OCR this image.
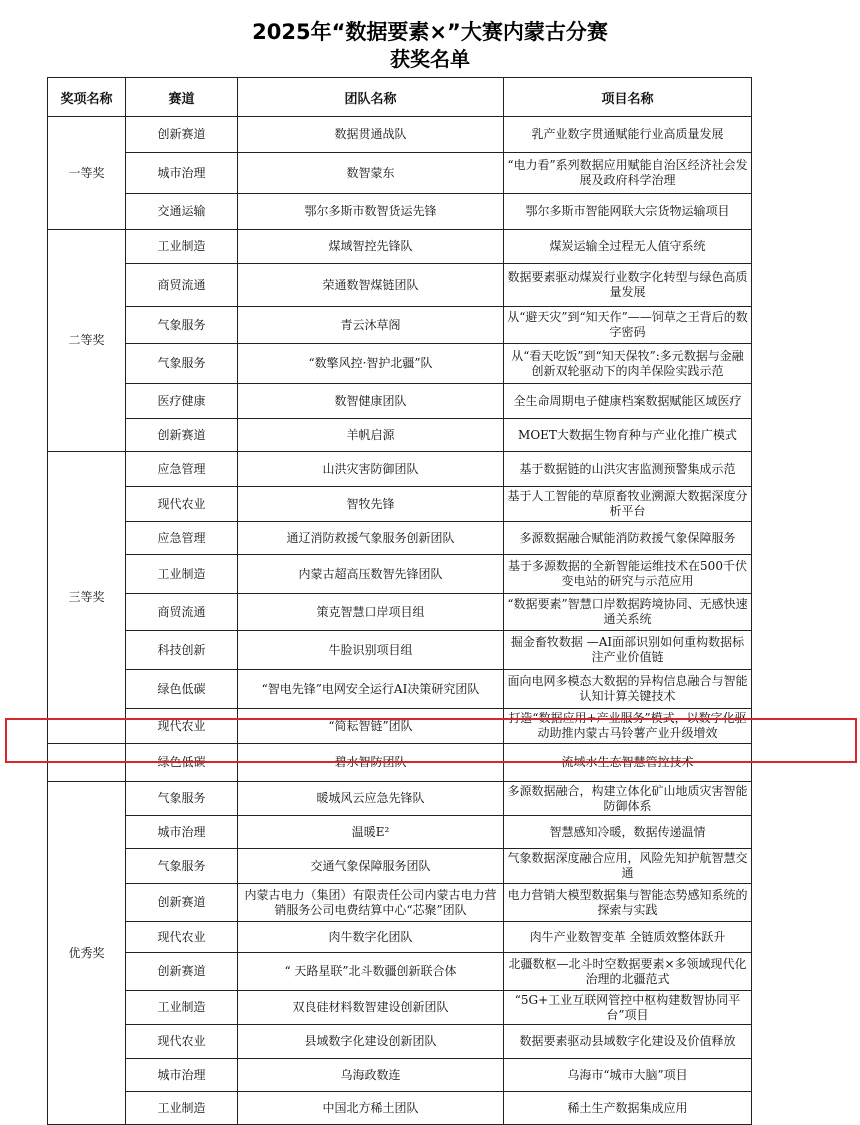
2025年“数据要素×”大赛内蒙古分赛
获奖名单
奖项名称	赛道	团队名称	项目名称
一等奖	创新赛道	数据贯通战队	乳产业数字贯通赋能行业高质量发展
	城市治理	数智蒙东	“电力看”系列数据应用赋能自治区经济社会发展及政府科学治理
	交通运输	鄂尔多斯市数智货运先锋	鄂尔多斯市智能网联大宗货物运输项目
二等奖	工业制造	煤域智控先锋队	煤炭运输全过程无人值守系统
	商贸流通	荣通数智煤链团队	数据要素驱动煤炭行业数字化转型与绿色高质量发展
	气象服务	青云沐草阁	从“避天灾”到“知天作”——饲草之王背后的数字密码
	气象服务	“数擎风控·智护北疆”队	从“看天吃饭”到“知天保牧”:多元数据与金融创新双轮驱动下的肉羊保险实践示范
	医疗健康	数智健康团队	全生命周期电子健康档案数据赋能区域医疗
	创新赛道	羊帆启源	MOET大数据生物育种与产业化推广模式
三等奖	应急管理	山洪灾害防御团队	基于数据链的山洪灾害监测预警集成示范
	现代农业	智牧先锋	基于人工智能的草原畜牧业溯源大数据深度分析平台
	应急管理	通辽消防救援气象服务创新团队	多源数据融合赋能消防救援气象保障服务
	工业制造	内蒙古超高压数智先锋团队	基于多源数据的全新智能运维技术在500千伏变电站的研究与示范应用
	商贸流通	策克智慧口岸项目组	“数据要素”智慧口岸数据跨境协同、无感快速通关系统
	科技创新	牛脸识别项目组	掘金畜牧数据 —AI面部识别如何重构数据标注产业价值链
	绿色低碳	“智电先锋”电网安全运行AI决策研究团队	面向电网多模态大数据的异构信息融合与智能认知计算关键技术
	现代农业	“简耘智链”团队	打造“数据应用+产业服务”模式，以数字化驱动助推内蒙古马铃薯产业升级增效
	绿色低碳	碧水智防团队	流域水生态智慧管控技术
优秀奖	气象服务	暖城风云应急先锋队	多源数据融合，构建立体化矿山地质灾害智能防御体系
	城市治理	温暖E²	智慧感知冷暖，数据传递温情
	气象服务	交通气象保障服务团队	气象数据深度融合应用，风险先知护航智慧交通
	创新赛道	内蒙古电力（集团）有限责任公司内蒙古电力营销服务公司电费结算中心“芯聚”团队	电力营销大模型数据集与智能态势感知系统的探索与实践
	现代农业	肉牛数字化团队	肉牛产业数智变革 全链质效整体跃升
	创新赛道	“ 天路星联”北斗数疆创新联合体	北疆数枢—北斗时空数据要素×多领域现代化治理的北疆范式
	工业制造	双良硅材料数智建设创新团队	“5G+工业互联网管控中枢构建数智协同平台”项目
	现代农业	县域数字化建设创新团队	数据要素驱动县域数字化建设及价值释放
	城市治理	乌海政数连	乌海市“城市大脑”项目
	工业制造	中国北方稀土团队	稀土生产数据集成应用
